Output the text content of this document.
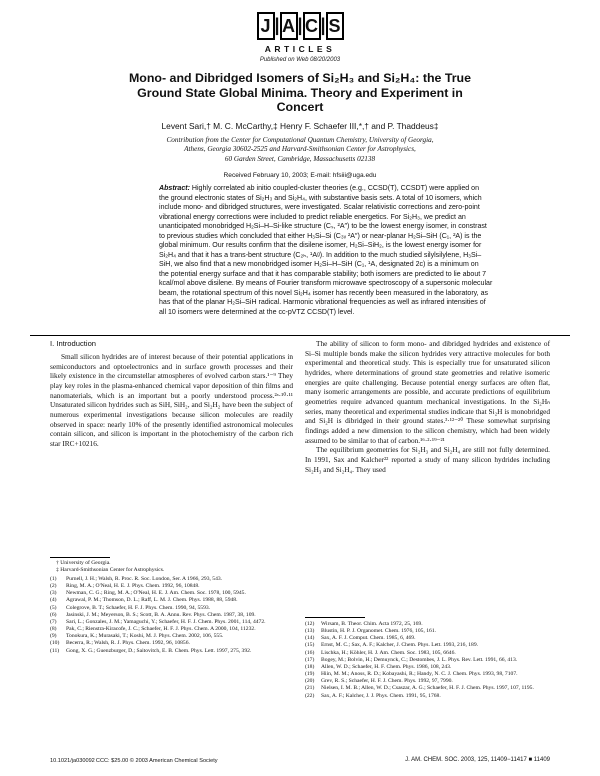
J | A | C | S
ARTICLES
Published on Web 08/20/2003
Mono- and Dibridged Isomers of Si₂H₃ and Si₂H₄: the True
Ground State Global Minima. Theory and Experiment in
Concert
Levent Sari,† M. C. McCarthy,‡ Henry F. Schaefer III,*,† and P. Thaddeus‡
Contribution from the Center for Computational Quantum Chemistry, University of Georgia,
Athens, Georgia 30602-2525 and Harvard-Smithsonian Center for Astrophysics,
60 Garden Street, Cambridge, Massachusetts 02138
Received February 10, 2003; E-mail: hfsiii@uga.edu
Abstract: Highly correlated ab initio coupled-cluster theories (e.g., CCSD(T), CCSDT) were applied on
the ground electronic states of Si₂H₃ and Si₂H₄, with substantive basis sets. A total of 10 isomers, which
include mono- and dibridged structures, were investigated. Scalar relativistic corrections and zero-point
vibrational energy corrections were included to predict reliable energetics. For Si₂H₃, we predict an
unanticipated monobridged H₂Si–H–Si-like structure (Cₛ, ²A″) to be the lowest energy isomer, in constrast
to previous studies which concluded that either H₃Si–Si (C₃ᵥ ²A″) or near-planar H₂Si–SiH (C₁, ²A) is the
global minimum. Our results confirm that the disilene isomer, H₂Si–SiH₂, is the lowest energy isomer for
Si₂H₄ and that it has a trans-bent structure (C₂ₕ, ¹Aᵍ). In addition to the much studied silylsilylene, H₃Si–
SiH, we also find that a new monobridged isomer H₂Si–H–SiH (C₁, ¹A, designated 2c) is a minimum on
the potential energy surface and that it has comparable stability; both isomers are predicted to lie about 7
kcal/mol above disilene. By means of Fourier transform microwave spectroscopy of a supersonic molecular
beam, the rotational spectrum of this novel Si₂H₄ isomer has recently been measured in the laboratory, as
has that of the planar H₂Si–SiH radical. Harmonic vibrational frequencies as well as infrared intensities of
all 10 isomers were determined at the cc-pVTZ CCSD(T) level.
I. Introduction

Small silicon hydrides are of interest because of their potential applications in semiconductors and optoelectronics and in surface growth processes and their likely existence in the circumstellar atmospheres of evolved carbon stars.¹⁻⁹ They play key roles in the plasma-enhanced chemical vapor deposition of thin films and nanomaterials, which is an important but a poorly understood process.²ᵃ·¹⁰·¹¹ Unsaturated silicon hydrides such as SiH, SiH₂, and Si₂H₂ have been the subject of numerous experimental investigations because silicon molecules are readily observed in space: nearly 10% of the presently identified astronomical molecules contain silicon, and silicon is important in the photochemistry of the carbon rich star IRC+10216.

The ability of silicon to form mono- and dibridged hydrides and existence of Si–Si multiple bonds make the silicon hydrides very attractive molecules for both experimental and theoretical study. This is especially true for unsaturated silicon hydrides, where determinations of ground state geometries and relative isomeric energies are quite challenging. Because potential energy surfaces are often flat, many isomeric arrangements are possible, and accurate predictions of equilibrium geometries require advanced quantum mechanical investigations. In the Si₂Hₙ series, many theoretical and experimental studies indicate that Si₂H is monobridged and Si₂H is dibridged in their ground states.³·¹²⁻²⁰ These somewhat surprising findings added a new dimension to the silicon chemistry, which had been widely assumed to be similar to that of carbon.¹⁶·²·¹⁹⁻²¹

The equilibrium geometries for Si₂H₃ and Si₂H₄ are still not fully determined. In 1991, Sax and Kalcher²² reported a study of many silicon hydrides including Si₂H₃ and Si₂H₄. They used

† University of Georgia.
‡ Harvard-Smithsonian Center for Astrophysics.
(1)	Purnell, J. H.; Walsh, R. Proc. R. Soc. London, Ser. A 1966, 293, 543.
(2)	Ring, M. A.; O'Neal, H. E. J. Phys. Chem. 1992, 96, 10848.
(3)	Newman, C. G.; Ring, M. A.; O'Neal, H. E. J. Am. Chem. Soc. 1978, 100, 5945.
(4)	Agrawal, P. M.; Thomson, D. L.; Raff, L. M. J. Chem. Phys. 1988, 88, 5948.
(5)	Colegrove, B. T.; Schaefer, H. F. J. Phys. Chem. 1990, 94, 5593.
(6)	Jasinski, J. M.; Meyerson, B. S.; Scott, B. A. Annu. Rev. Phys. Chem. 1987, 38, 109.
(7)	Sari, L.; Gonzales, J. M.; Yamaguchi, Y.; Schaefer, H. F. J. Chem. Phys. 2001, 114, 4472.
(8)	Pak, C.; Rienstra-Kiracofe, J. C.; Schaefer, H. F. J. Phys. Chem. A 2000, 104, 11232.
(9)	Tonokura, K.; Murasaki, T.; Koshi, M. J. Phys. Chem. 2002, 106, 555.
(10)	Becerra, R.; Walsh, R. J. Phys. Chem. 1992, 96, 10856.
(11)	Gong, X. G.; Guenzburger, D.; Saitovitch, E. B. Chem. Phys. Lett. 1997, 275, 392.
(12)	Wirsam, B. Theor. Chim. Acta 1972, 25, 169.
(13)	Blustin, H. P. J. Organomet. Chem. 1976, 105, 161.
(14)	Sax, A. F. J. Comput. Chem. 1985, 6, 469.
(15)	Ernst, M. C.; Sax, A. F.; Kalcher, J. Chem. Phys. Lett. 1993, 216, 189.
(16)	Lischka, H.; Köhler, H. J. Am. Chem. Soc. 1983, 105, 6646.
(17)	Bogey, M.; Bolvin, H.; Demuynck, C.; Destombes, J. L. Phys. Rev. Lett. 1991, 66, 413.
(18)	Allen, W. D.; Schaefer, H. F. Chem. Phys. 1986, 108, 243.
(19)	Hiin, M. M.; Anoss, R. D.; Kobayashi, R.; Handy, N. C. J. Chem. Phys. 1993, 98, 7107.
(20)	Grev, R. S.; Schaefer, H. F. J. Chem. Phys. 1992, 97, 7990.
(21)	Nielsen, I. M. B.; Allen, W. D.; Csaszar, A. G.; Schaefer, H. F. J. Chem. Phys. 1997, 107, 1195.
(22)	Sax, A. F.; Kalcher, J. J. Phys. Chem. 1991, 95, 1768.
10.1021/ja030092 CCC: $25.00 © 2003 American Chemical Society	J. AM. CHEM. SOC. 2003, 125, 11409−11417 ■ 11409
